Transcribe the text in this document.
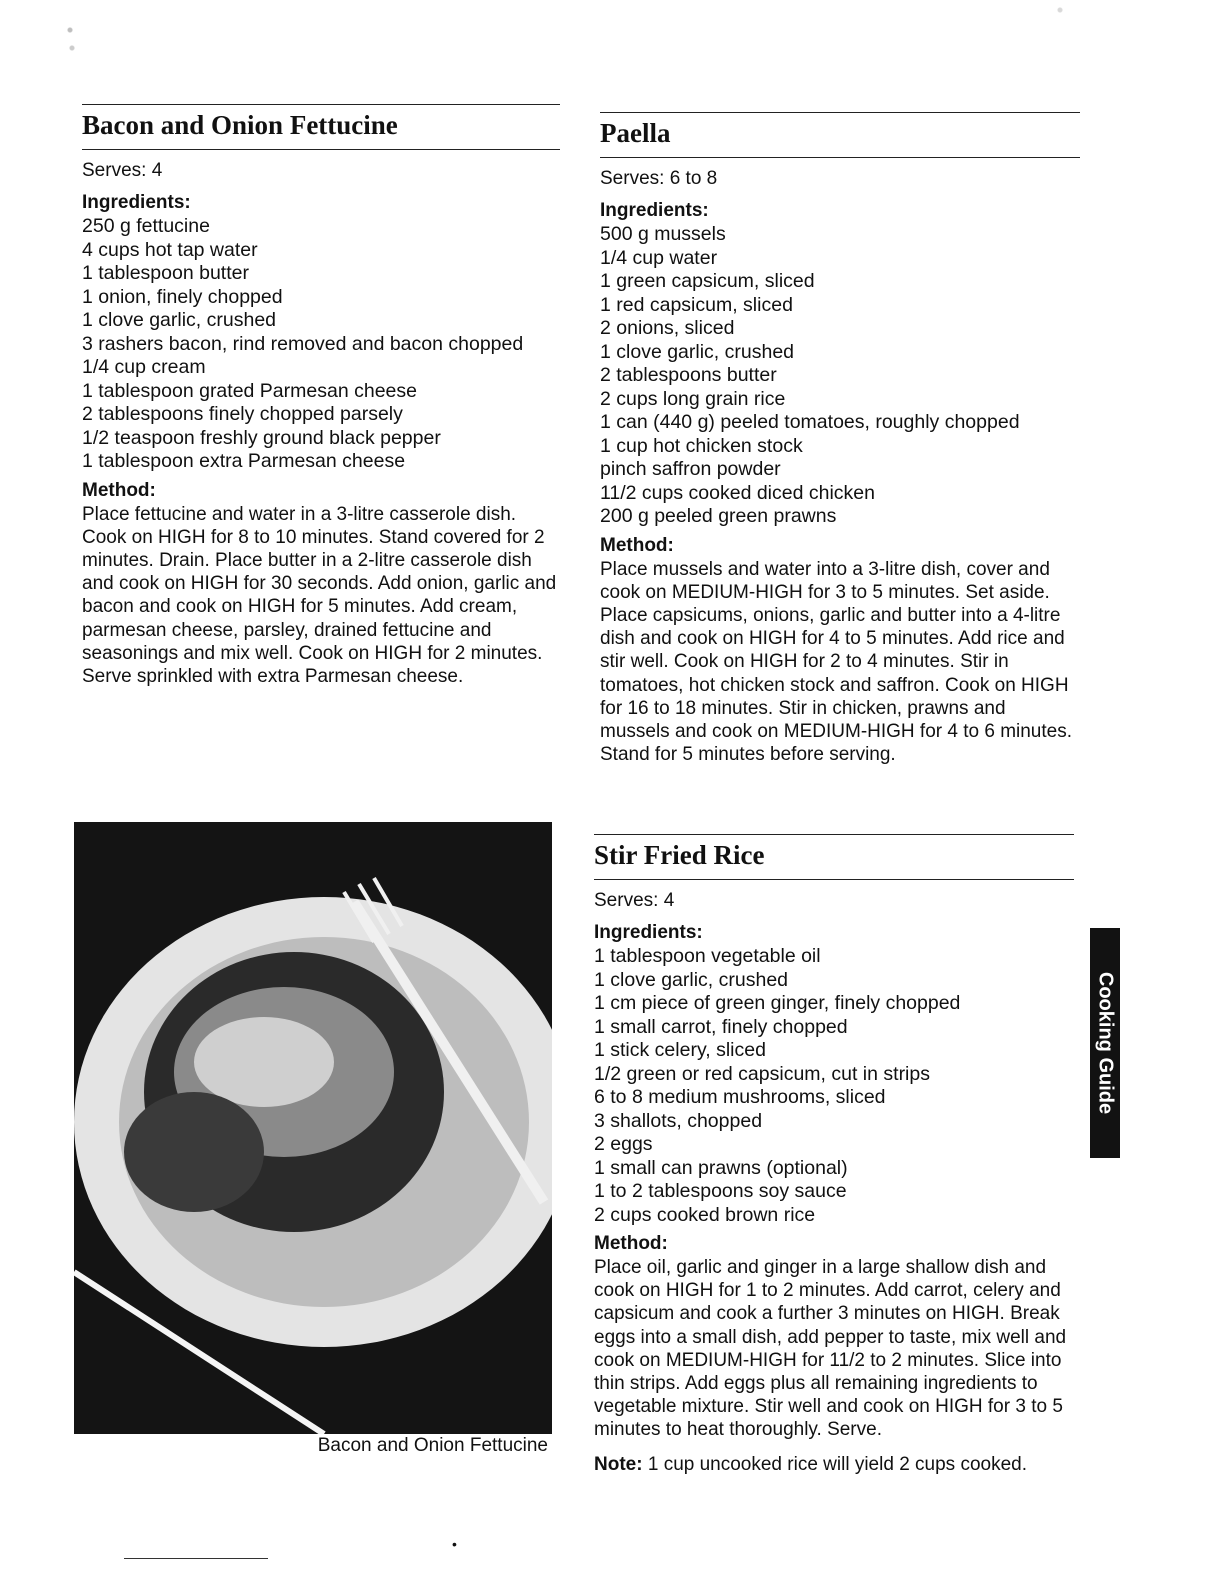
Bacon and Onion Fettucine
Serves: 4
Ingredients:
250 g fettucine
4 cups hot tap water
1 tablespoon butter
1 onion, finely chopped
1 clove garlic, crushed
3 rashers bacon, rind removed and bacon chopped
1/4 cup cream
1 tablespoon grated Parmesan cheese
2 tablespoons finely chopped parsely
1/2 teaspoon freshly ground black pepper
1 tablespoon extra Parmesan cheese
Method:

Place fettucine and water in a 3-litre casserole dish. Cook on HIGH for 8 to 10 minutes. Stand covered for 2 minutes. Drain. Place butter in a 2-litre casserole dish and cook on HIGH for 30 seconds. Add onion, garlic and bacon and cook on HIGH for 5 minutes. Add cream, parmesan cheese, parsley, drained fettucine and seasonings and mix well. Cook on HIGH for 2 minutes. Serve sprinkled with extra Parmesan cheese.

Paella
Serves: 6 to 8
Ingredients:
500 g mussels
1/4 cup water
1 green capsicum, sliced
1 red capsicum, sliced
2 onions, sliced
1 clove garlic, crushed
2 tablespoons butter
2 cups long grain rice
1 can (440 g) peeled tomatoes, roughly chopped
1 cup hot chicken stock
pinch saffron powder
11/2 cups cooked diced chicken
200 g peeled green prawns
Method:

Place mussels and water into a 3-litre dish, cover and cook on MEDIUM-HIGH for 3 to 5 minutes. Set aside. Place capsicums, onions, garlic and butter into a 4-litre dish and cook on HIGH for 4 to 5 minutes. Add rice and stir well. Cook on HIGH for 2 to 4 minutes. Stir in tomatoes, hot chicken stock and saffron. Cook on HIGH for 16 to 18 minutes. Stir in chicken, prawns and mussels and cook on MEDIUM-HIGH for 4 to 6 minutes. Stand for 5 minutes before serving.

Bacon and Onion Fettucine
Stir Fried Rice
Serves: 4
Ingredients:
1 tablespoon vegetable oil
1 clove garlic, crushed
1 cm piece of green ginger, finely chopped
1 small carrot, finely chopped
1 stick celery, sliced
1/2 green or red capsicum, cut in strips
6 to 8 medium mushrooms, sliced
3 shallots, chopped
2 eggs
1 small can prawns (optional)
1 to 2 tablespoons soy sauce
2 cups cooked brown rice
Method:

Place oil, garlic and ginger in a large shallow dish and cook on HIGH for 1 to 2 minutes. Add carrot, celery and capsicum and cook a further 3 minutes on HIGH. Break eggs into a small dish, add pepper to taste, mix well and cook on MEDIUM-HIGH for 11/2 to 2 minutes. Slice into thin strips. Add eggs plus all remaining ingredients to vegetable mixture. Stir well and cook on HIGH for 3 to 5 minutes to heat thoroughly. Serve.

Note: 1 cup uncooked rice will yield 2 cups cooked.
Cooking Guide
•
